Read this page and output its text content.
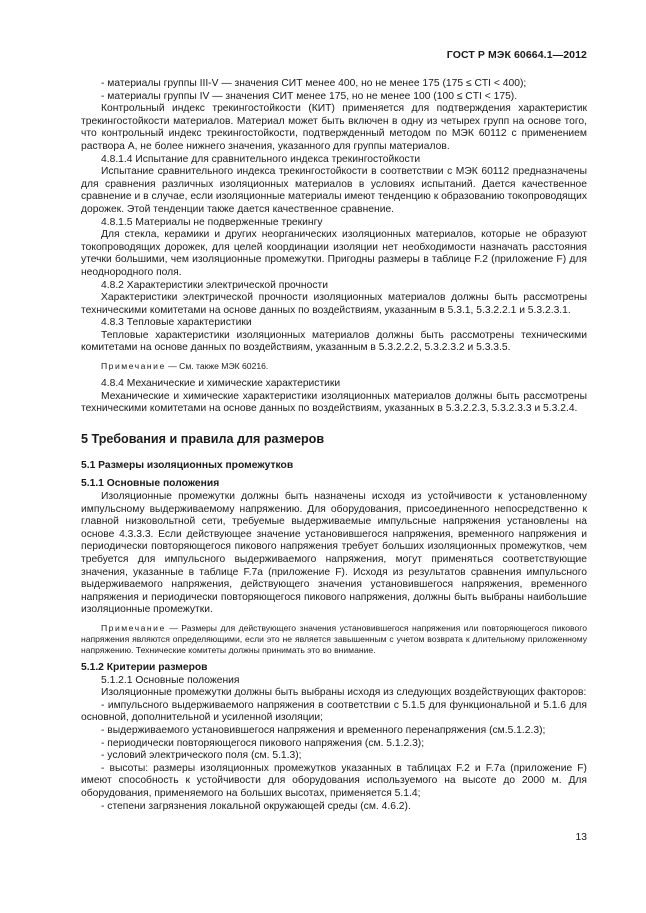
ГОСТ Р МЭК 60664.1—2012

- материалы группы III-V — значения СИТ менее 400, но не менее 175 (175 ≤ CTI < 400);

- материалы группы IV — значения СИТ менее 175, но не менее 100 (100 ≤ CTI < 175).

Контрольный индекс трекингостойкости (КИТ) применяется для подтверждения характеристик трекингостойкости материалов. Материал может быть включен в одну из четырех групп на основе того, что контрольный индекс трекингостойкости, подтвержденный методом по МЭК 60112 с применением раствора А, не более нижнего значения, указанного для группы материалов.

4.8.1.4 Испытание для сравнительного индекса трекингостойкости

Испытание сравнительного индекса трекингостойкости в соответствии с МЭК 60112 предназначены для сравнения различных изоляционных материалов в условиях испытаний. Дается качественное сравнение и в случае, если изоляционные материалы имеют тенденцию к образованию токопроводящих дорожек. Этой тенденции также дается качественное сравнение.

4.8.1.5 Материалы не подверженные трекингу

Для стекла, керамики и других неорганических изоляционных материалов, которые не образуют токопроводящих дорожек, для целей координации изоляции нет необходимости назначать расстояния утечки большими, чем изоляционные промежутки. Пригодны размеры в таблице F.2 (приложение F) для неоднородного поля.

4.8.2 Характеристики электрической прочности

Характеристики электрической прочности изоляционных материалов должны быть рассмотрены техническими комитетами на основе данных по воздействиям, указанным в 5.3.1, 5.3.2.2.1 и 5.3.2.3.1.

4.8.3 Тепловые характеристики

Тепловые характеристики изоляционных материалов должны быть рассмотрены техническими комитетами на основе данных по воздействиям, указанным в 5.3.2.2.2, 5.3.2.3.2 и 5.3.3.5.

Примечание — См. также МЭК 60216.

4.8.4 Механические и химические характеристики

Механические и химические характеристики изоляционных материалов должны быть рассмотрены техническими комитетами на основе данных по воздействиям, указанных в 5.3.2.2.3, 5.3.2.3.3 и 5.3.2.4.

5 Требования и правила для размеров
5.1 Размеры изоляционных промежутков
5.1.1 Основные положения

Изоляционные промежутки должны быть назначены исходя из устойчивости к установленному импульсному выдерживаемому напряжению. Для оборудования, присоединенного непосредственно к главной низковольтной сети, требуемые выдерживаемые импульсные напряжения установлены на основе 4.3.3.3. Если действующее значение установившегося напряжения, временного напряжения и периодически повторяющегося пикового напряжения требует больших изоляционных промежутков, чем требуется для импульсного выдерживаемого напряжения, могут применяться соответствующие значения, указанные в таблице F.7а (приложение F). Исходя из результатов сравнения импульсного выдерживаемого напряжения, действующего значения установившегося напряжения, временного напряжения и периодически повторяющегося пикового напряжения, должны быть выбраны наибольшие изоляционные промежутки.

Примечание — Размеры для действующего значения установившегося напряжения или повторяющегося пикового напряжения являются определяющими, если это не является завышенным с учетом возврата к длительному приложенному напряжению. Технические комитеты должны принимать это во внимание.

5.1.2 Критерии размеров

5.1.2.1 Основные положения

Изоляционные промежутки должны быть выбраны исходя из следующих воздействующих факторов:

- импульсного выдерживаемого напряжения в соответствии с 5.1.5 для функциональной и 5.1.6 для основной, дополнительной и усиленной изоляции;

- выдерживаемого установившегося напряжения и временного перенапряжения (см.5.1.2.3);

- периодически повторяющегося пикового напряжения (см. 5.1.2.3);

- условий электрического поля (см. 5.1.3);

- высоты: размеры изоляционных промежутков указанных в таблицах F.2 и F.7а (приложение F) имеют способность к устойчивости для оборудования используемого на высоте до 2000 м. Для оборудования, применяемого на больших высотах, применяется 5.1.4;

- степени загрязнения локальной окружающей среды (см. 4.6.2).

13
